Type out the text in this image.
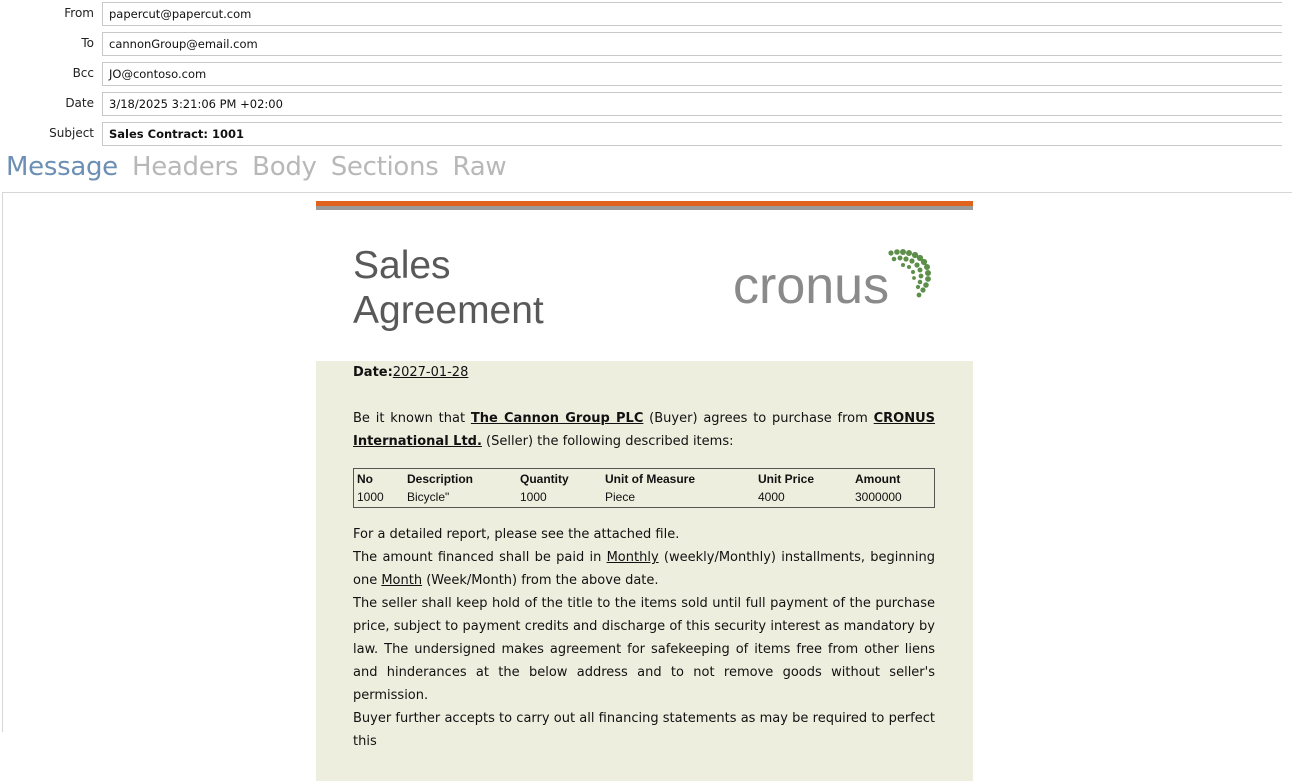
From	papercut@papercut.com
To	cannonGroup@email.com
Bcc	JO@contoso.com
Date	3/18/2025 3:21:06 PM +02:00
Subject	Sales Contract: 1001
Message Headers Body Sections Raw
Sales
Agreement	cronus
Date:2027-01-28
Be it known that The Cannon Group PLC (Buyer) agrees to purchase from CRONUS International Ltd. (Seller) the following described items:
No	Description	Quantity	Unit of Measure	Unit Price	Amount
1000	Bicycle"	1000	Piece	4000	3000000
For a detailed report, please see the attached file.
The amount financed shall be paid in Monthly (weekly/Monthly) installments, beginning one Month (Week/Month) from the above date.
The seller shall keep hold of the title to the items sold until full payment of the purchase price, subject to payment credits and discharge of this security interest as mandatory by law. The undersigned makes agreement for safekeeping of items free from other liens and hinderances at the below address and to not remove goods without seller's permission.
Buyer further accepts to carry out all financing statements as may be required to perfect this
